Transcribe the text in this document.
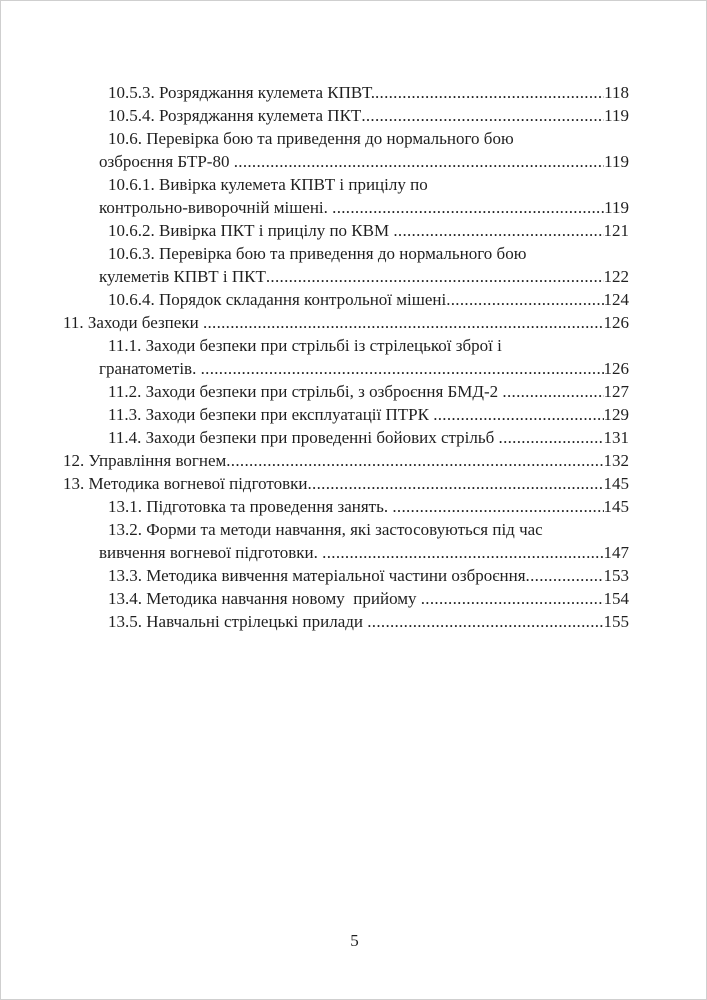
10.5.3. Розряджання кулемета КПВТ. .....	118
10.5.4. Розряджання кулемета ПКТ .....	119
10.6. Перевірка бою та приведення до нормального бою
озброєння БТР-80 .....	119
10.6.1. Вивірка кулемета КПВТ і прицілу по
контрольно-виворочній мішені. .....	119
10.6.2. Вивірка ПКТ і прицілу по КВМ .....	121
10.6.3. Перевірка бою та приведення до нормального бою
кулеметів КПВТ і ПКТ .....	122
10.6.4. Порядок складання контрольної мішені .....	124
11. Заходи безпеки .....	126
11.1. Заходи безпеки при стрільбі із стрілецької зброї і
гранатометів. .....	126
11.2. Заходи безпеки при стрільбі, з озброєння БМД-2 .....	127
11.3. Заходи безпеки при експлуатації ПТРК .....	129
11.4. Заходи безпеки при проведенні бойових стрільб .....	131
12. Управління вогнем .....	132
13. Методика вогневої підготовки .....	145
13.1. Підготовка та проведення занять. .....	145
13.2. Форми та методи навчання, які застосовуються під час
вивчення вогневої підготовки. .....	147
13.3. Методика вивчення матеріальної частини озброєння .....	153
13.4. Методика навчання новому  прийому .....	154
13.5. Навчальні стрілецькі прилади .....	155
5
